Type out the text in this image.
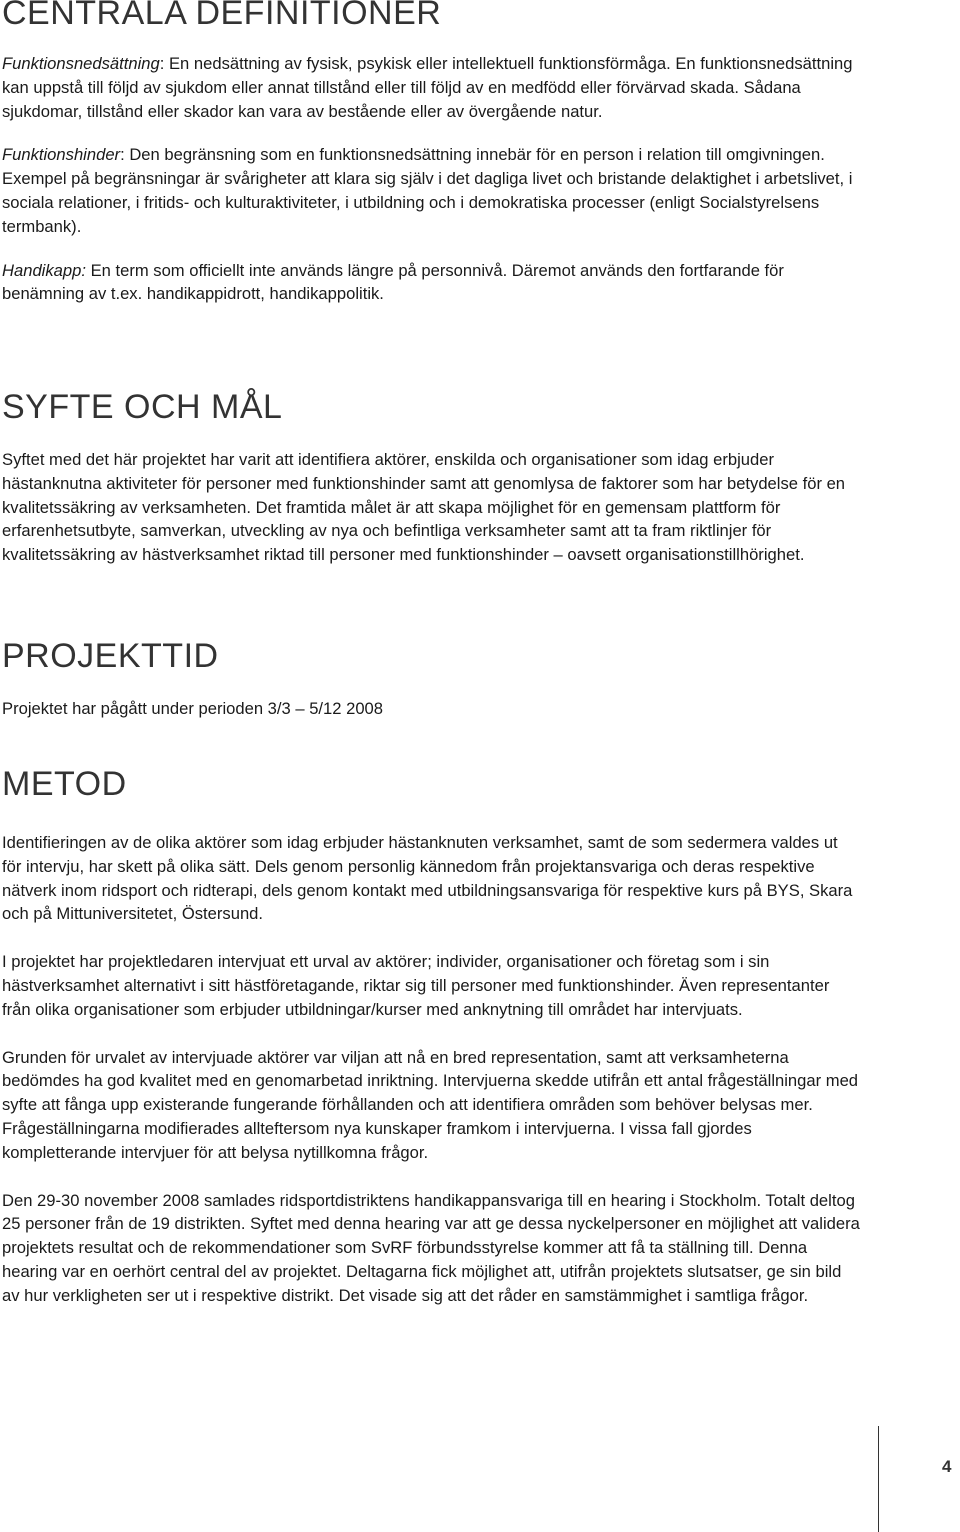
CENTRALA DEFINITIONER

Funktionsnedsättning: En nedsättning av fysisk, psykisk eller intellektuell funktionsförmåga. En funktionsnedsättning kan uppstå till följd av sjukdom eller annat tillstånd eller till följd av en medfödd eller förvärvad skada. Sådana sjukdomar, tillstånd eller skador kan vara av bestående eller av övergående natur.

Funktionshinder: Den begränsning som en funktionsnedsättning innebär för en person i relation till omgivningen. Exempel på begränsningar är svårigheter att klara sig själv i det dagliga livet och bristande delaktighet i arbetslivet, i sociala relationer, i fritids- och kulturaktiviteter, i utbildning och i demokratiska processer (enligt Socialstyrelsens termbank).

Handikapp: En term som officiellt inte används längre på personnivå. Däremot används den fortfarande för benämning av t.ex. handikappidrott, handikappolitik.

SYFTE OCH MÅL

Syftet med det här projektet har varit att identifiera aktörer, enskilda och organisationer som idag erbjuder hästanknutna aktiviteter för personer med funktionshinder samt att genomlysa de faktorer som har betydelse för en kvalitetssäkring av verksamheten. Det framtida målet är att skapa möjlighet för en gemensam plattform för erfarenhetsutbyte, samverkan, utveckling av nya och befintliga verksamheter samt att ta fram riktlinjer för kvalitetssäkring av hästverksamhet riktad till personer med funktionshinder – oavsett organisationstillhörighet.

PROJEKTTID

Projektet har pågått under perioden 3/3 – 5/12 2008

METOD

Identifieringen av de olika aktörer som idag erbjuder hästanknuten verksamhet, samt de som sedermera valdes ut för intervju, har skett på olika sätt. Dels genom personlig kännedom från projektansvariga och deras respektive nätverk inom ridsport och ridterapi, dels genom kontakt med utbildningsansvariga för respektive kurs på BYS, Skara och på Mittuniversitetet, Östersund.

I projektet har projektledaren intervjuat ett urval av aktörer; individer, organisationer och företag som i sin hästverksamhet alternativt i sitt hästföretagande, riktar sig till personer med funktionshinder. Även representanter från olika organisationer som erbjuder utbildningar/kurser med anknytning till området har intervjuats.

Grunden för urvalet av intervjuade aktörer var viljan att nå en bred representation, samt att verksamheterna bedömdes ha god kvalitet med en genomarbetad inriktning. Intervjuerna skedde utifrån ett antal frågeställningar med syfte att fånga upp existerande fungerande förhållanden och att identifiera områden som behöver belysas mer. Frågeställningarna modifierades allteftersom nya kunskaper framkom i intervjuerna. I vissa fall gjordes kompletterande intervjuer för att belysa nytillkomna frågor.

Den 29-30 november 2008 samlades ridsportdistriktens handikappansvariga till en hearing i Stockholm. Totalt deltog 25 personer från de 19 distrikten. Syftet med denna hearing var att ge dessa nyckelpersoner en möjlighet att validera projektets resultat och de rekommendationer som SvRF förbundsstyrelse kommer att få ta ställning till. Denna hearing var en oerhört central del av projektet. Deltagarna fick möjlighet att, utifrån projektets slutsatser, ge sin bild av hur verkligheten ser ut i respektive distrikt. Det visade sig att det råder en samstämmighet i samtliga frågor.

4
